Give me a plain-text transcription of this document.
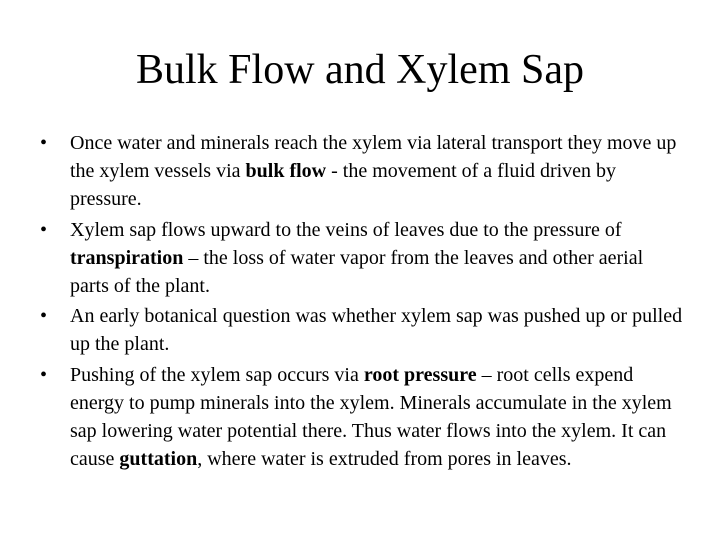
Bulk Flow and Xylem Sap
• Once water and minerals reach the xylem via lateral transport they move up the xylem vessels via bulk flow - the movement of a fluid driven by pressure.
• Xylem sap flows upward to the veins of leaves due to the pressure of transpiration – the loss of water vapor from the leaves and other aerial parts of the plant.
• An early botanical question was whether xylem sap was pushed up or pulled up the plant.
• Pushing of the xylem sap occurs via root pressure – root cells expend energy to pump minerals into the xylem. Minerals accumulate in the xylem sap lowering water potential there. Thus water flows into the xylem. It can cause guttation, where water is extruded from pores in leaves.
